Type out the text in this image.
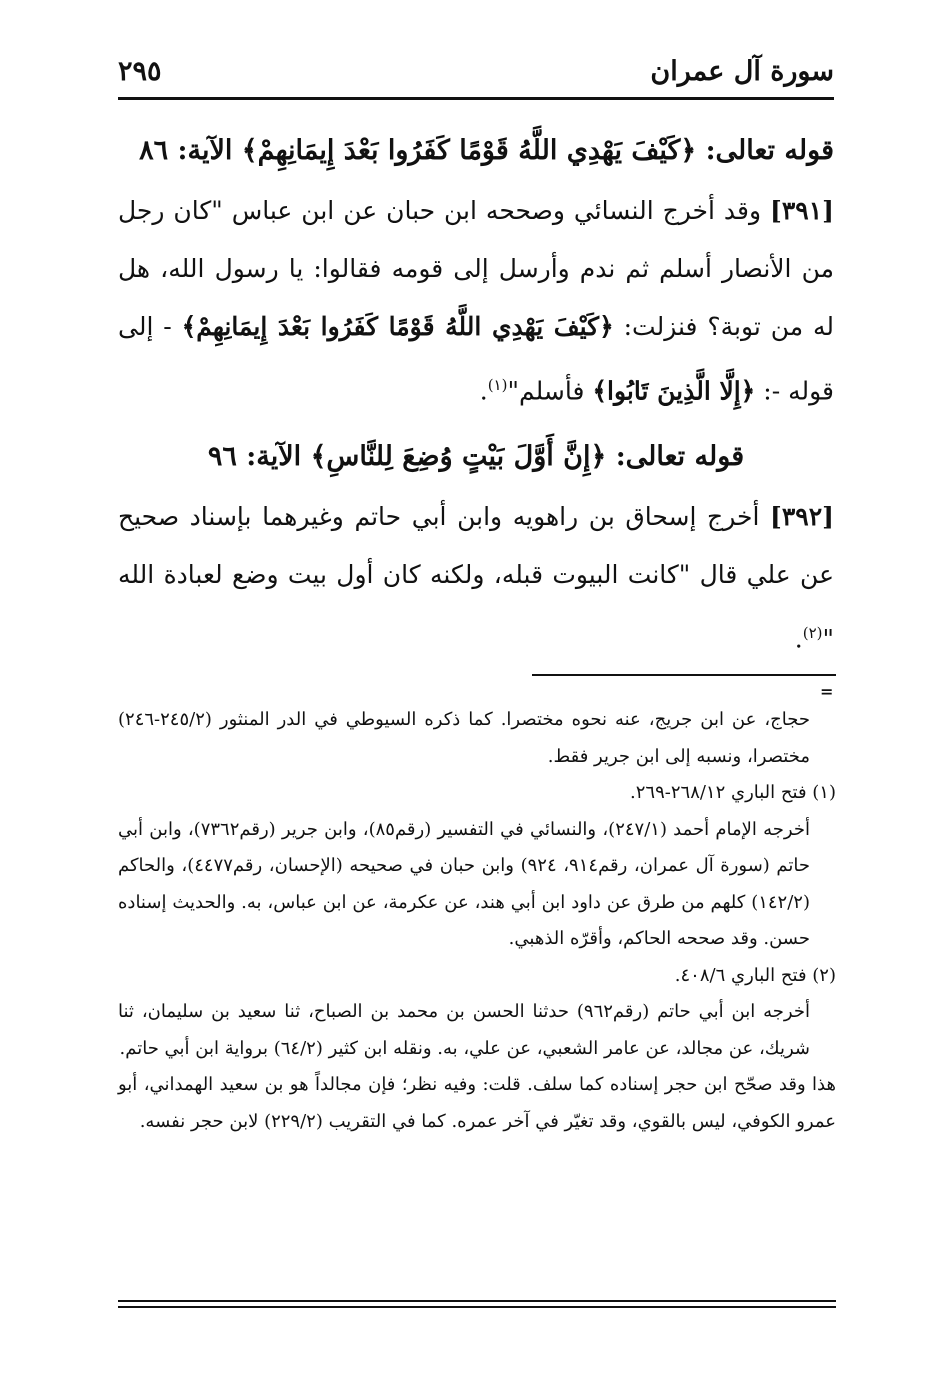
سورة آل عمران
٢٩٥
قوله تعالى: ﴿كَيْفَ يَهْدِي اللَّهُ قَوْمًا كَفَرُوا بَعْدَ إِيمَانِهِمْ﴾ الآية: ٨٦

[٣٩١] وقد أخرج النسائي وصححه ابن حبان عن ابن عباس "كان رجل من الأنصار أسلم ثم ندم وأرسل إلى قومه فقالوا: يا رسول الله، هل له من توبة؟ فنزلت: ﴿كَيْفَ يَهْدِي اللَّهُ قَوْمًا كَفَرُوا بَعْدَ إِيمَانِهِمْ﴾ - إلى قوله -: ﴿إِلَّا الَّذِينَ تَابُوا﴾ فأسلم"$^{(١)}$.

قوله تعالى: ﴿إِنَّ أَوَّلَ بَيْتٍ وُضِعَ لِلنَّاسِ﴾ الآية: ٩٦

[٣٩٢] أخرج إسحاق بن راهويه وابن أبي حاتم وغيرهما بإسناد صحيح عن علي قال "كانت البيوت قبله، ولكنه كان أول بيت وضع لعبادة الله "$^{(٢)}$.

=

حجاج، عن ابن جريج، عنه نحوه مختصرا. كما ذكره السيوطي في الدر المنثور (٢٤٥/٢-٢٤٦) مختصرا، ونسبه إلى ابن جرير فقط.

(١) فتح الباري ٢٦٨/١٢-٢٦٩.

أخرجه الإمام أحمد (٢٤٧/١)، والنسائي في التفسير (رقم٨٥)، وابن جرير (رقم٧٣٦٢)، وابن أبي حاتم (سورة آل عمران، رقم٩١٤، ٩٢٤) وابن حبان في صحيحه (الإحسان، رقم٤٤٧٧)، والحاكم (١٤٢/٢) كلهم من طرق عن داود ابن أبي هند، عن عكرمة، عن ابن عباس، به. والحديث إسناده حسن. وقد صححه الحاكم، وأقرّه الذهبي.

(٢) فتح الباري ٤٠٨/٦.

أخرجه ابن أبي حاتم (رقم٩٦٢) حدثنا الحسن بن محمد بن الصباح، ثنا سعيد بن سليمان، ثنا شريك، عن مجالد، عن عامر الشعبي، عن علي، به. ونقله ابن كثير (٦٤/٢) برواية ابن أبي حاتم.

هذا وقد صحّح ابن حجر إسناده كما سلف. قلت: وفيه نظر؛ فإن مجالداً هو بن سعيد الهمداني، أبو عمرو الكوفي، ليس بالقوي، وقد تغيّر في آخر عمره. كما في التقريب (٢٢٩/٢) لابن حجر نفسه.
